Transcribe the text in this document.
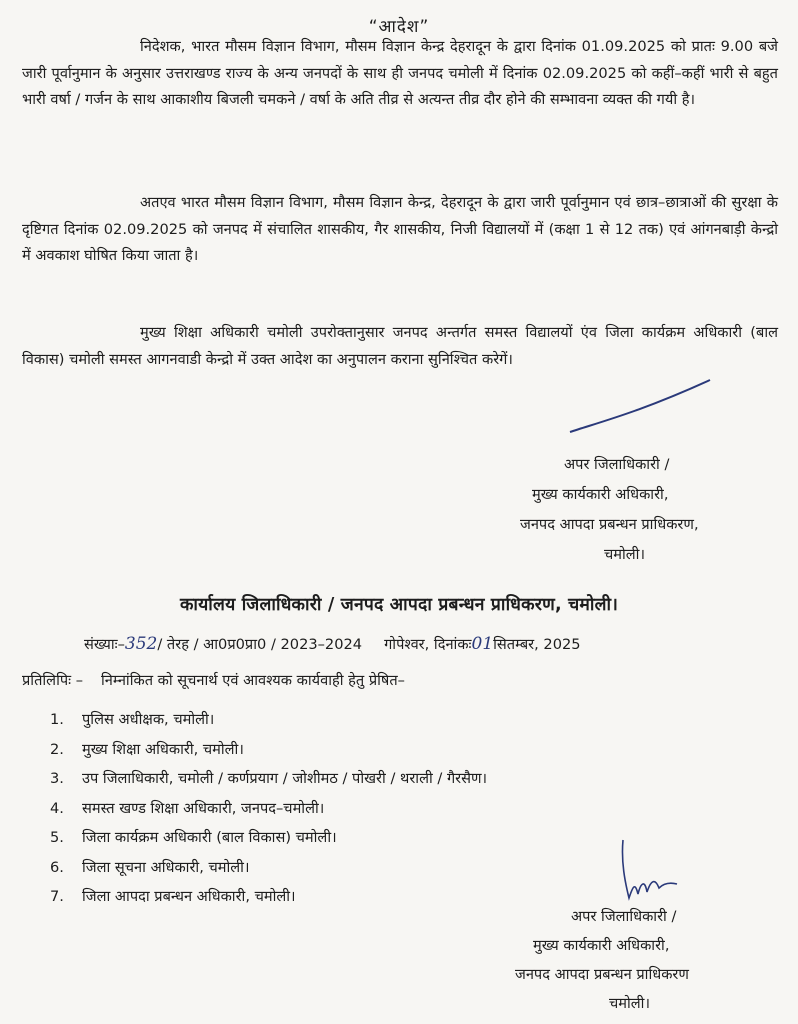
“आदेश”

निदेशक, भारत मौसम विज्ञान विभाग, मौसम विज्ञान केन्द्र देहरादून के द्वारा दिनांक 01.09.2025 को प्रातः 9.00 बजे जारी पूर्वानुमान के अनुसार उत्तराखण्ड राज्य के अन्य जनपदों के साथ ही जनपद चमोली में दिनांक 02.09.2025 को कहीं–कहीं भारी से बहुत भारी वर्षा / गर्जन के साथ आकाशीय बिजली चमकने / वर्षा के अति तीव्र से अत्यन्त तीव्र दौर होने की सम्भावना व्यक्त की गयी है।

अतएव भारत मौसम विज्ञान विभाग, मौसम विज्ञान केन्द्र, देहरादून के द्वारा जारी पूर्वानुमान एवं छात्र–छात्राओं की सुरक्षा के दृष्टिगत दिनांक 02.09.2025 को जनपद में संचालित शासकीय, गैर शासकीय, निजी विद्यालयों में (कक्षा 1 से 12 तक) एवं आंगनबाड़ी केन्द्रो में अवकाश घोषित किया जाता है।

मुख्य शिक्षा अधिकारी चमोली उपरोक्तानुसार जनपद अन्तर्गत समस्त विद्यालयों एंव जिला कार्यक्रम अधिकारी (बाल विकास) चमोली समस्त आगनवाडी केन्द्रो में उक्त आदेश का अनुपालन कराना सुनिश्चित करेगें।

अपर जिलाधिकारी /
मुख्य कार्यकारी अधिकारी,
जनपद आपदा प्रबन्धन प्राधिकरण,
चमोली।
कार्यालय जिलाधिकारी / जनपद आपदा प्रबन्धन प्राधिकरण, चमोली।
संख्याः–352/ तेरह / आ0प्र0प्रा0 / 2023–2024 गोपेश्वर, दिनांकः01सितम्बर, 2025
प्रतिलिपिः – निम्नांकित को सूचनार्थ एवं आवश्यक कार्यवाही हेतु प्रेषित–
1. पुलिस अधीक्षक, चमोली।
2. मुख्य शिक्षा अधिकारी, चमोली।
3. उप जिलाधिकारी, चमोली / कर्णप्रयाग / जोशीमठ / पोखरी / थराली / गैरसैण।
4. समस्त खण्ड शिक्षा अधिकारी, जनपद–चमोली।
5. जिला कार्यक्रम अधिकारी (बाल विकास) चमोली।
6. जिला सूचना अधिकारी, चमोली।
7. जिला आपदा प्रबन्धन अधिकारी, चमोली।
अपर जिलाधिकारी /
मुख्य कार्यकारी अधिकारी,
जनपद आपदा प्रबन्धन प्राधिकरण
चमोली।
